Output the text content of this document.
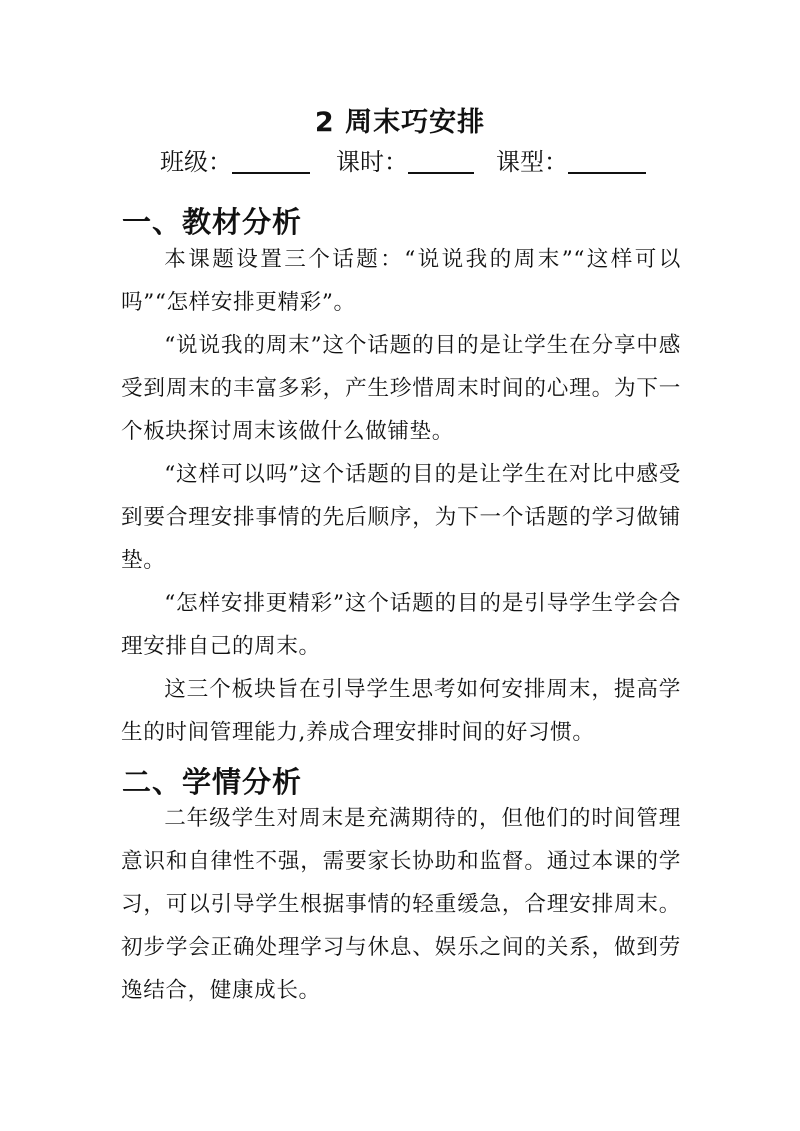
2 周末巧安排
班级：	课时：	课型：
一、教材分析

本课题设置三个话题：“说说我的周末”“这样可以吗”“怎样安排更精彩”。

“说说我的周末”这个话题的目的是让学生在分享中感受到周末的丰富多彩，产生珍惜周末时间的心理。为下一个板块探讨周末该做什么做铺垫。

“这样可以吗”这个话题的目的是让学生在对比中感受到要合理安排事情的先后顺序，为下一个话题的学习做铺垫。

“怎样安排更精彩”这个话题的目的是引导学生学会合理安排自己的周末。

这三个板块旨在引导学生思考如何安排周末，提高学生的时间管理能力,养成合理安排时间的好习惯。

二、学情分析

二年级学生对周末是充满期待的，但他们的时间管理意识和自律性不强，需要家长协助和监督。通过本课的学习，可以引导学生根据事情的轻重缓急，合理安排周末。初步学会正确处理学习与休息、娱乐之间的关系，做到劳逸结合，健康成长。
